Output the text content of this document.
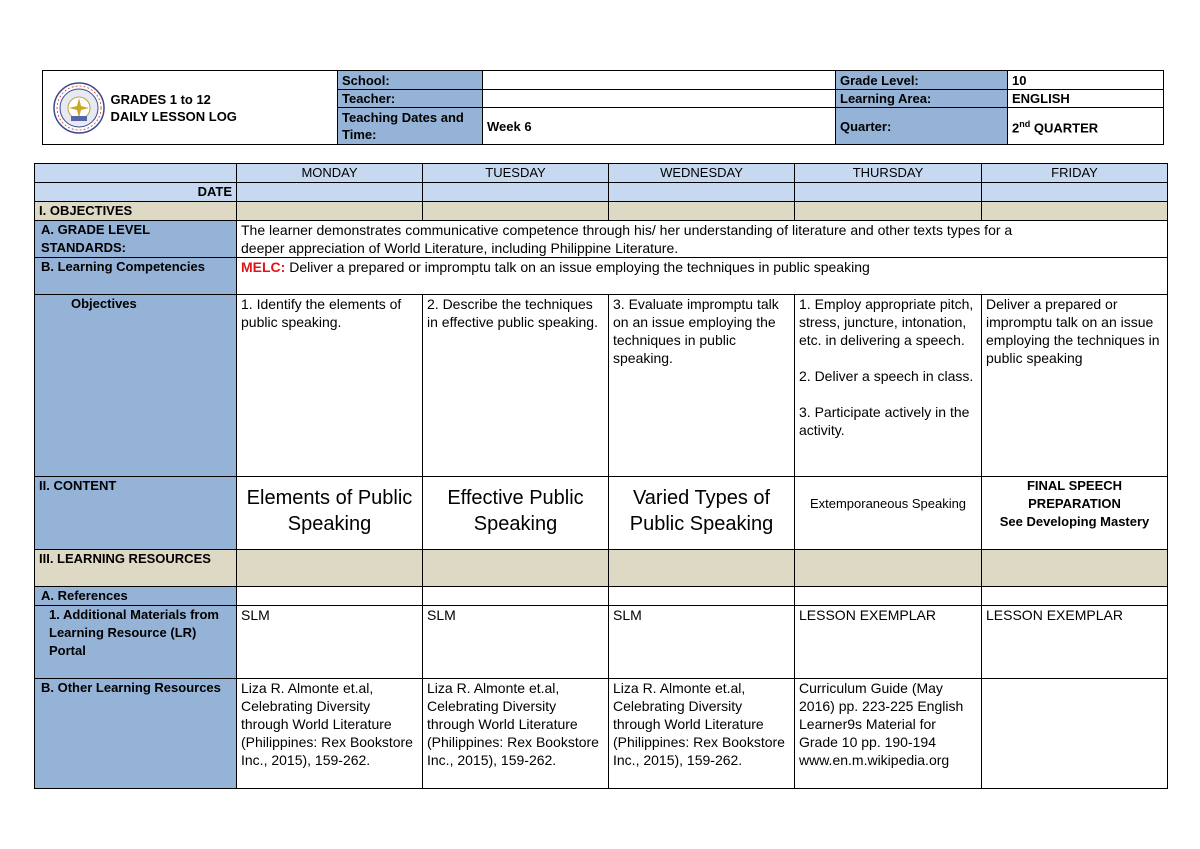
GRADES 1 to 12
DAILY LESSON LOG	School:		Grade Level:	10
		Teacher:		Learning Area:	ENGLISH
		Teaching Dates and Time:	Week 6	Quarter:	2nd QUARTER
	MONDAY	TUESDAY	WEDNESDAY	THURSDAY	FRIDAY
DATE					
I. OBJECTIVES					
A. GRADE LEVEL STANDARDS:	The learner demonstrates communicative competence through his/ her understanding of literature and other texts types for a deeper appreciation of World Literature, including Philippine Literature.				
B. Learning Competencies	MELC: Deliver a prepared or impromptu talk on an issue employing the techniques in public speaking				
Objectives	1. Identify the elements of public speaking.	2. Describe the techniques in effective public speaking.	3. Evaluate impromptu talk on an issue employing the techniques in public speaking.	1. Employ appropriate pitch, stress, juncture, intonation, etc. in delivering a speech.

2. Deliver a speech in class.

3. Participate actively in the activity.	Deliver a prepared or impromptu talk on an issue employing the techniques in public speaking
II. CONTENT	Elements of Public Speaking	Effective Public Speaking	Varied Types of Public Speaking	Extemporaneous Speaking	FINAL SPEECH PREPARATION
See Developing Mastery

III. LEARNING RESOURCES					
A. References					
1. Additional Materials from Learning Resource (LR) Portal	SLM	SLM	SLM	LESSON EXEMPLAR	LESSON EXEMPLAR
B. Other Learning Resources	Liza R. Almonte et.al, Celebrating Diversity through World Literature (Philippines: Rex Bookstore Inc., 2015), 159-262.	Liza R. Almonte et.al, Celebrating Diversity through World Literature (Philippines: Rex Bookstore Inc., 2015), 159-262.	Liza R. Almonte et.al, Celebrating Diversity through World Literature (Philippines: Rex Bookstore Inc., 2015), 159-262.	Curriculum Guide (May 2016) pp. 223-225 English Learner9s Material for Grade 10 pp. 190-194 www.en.m.wikipedia.org	
